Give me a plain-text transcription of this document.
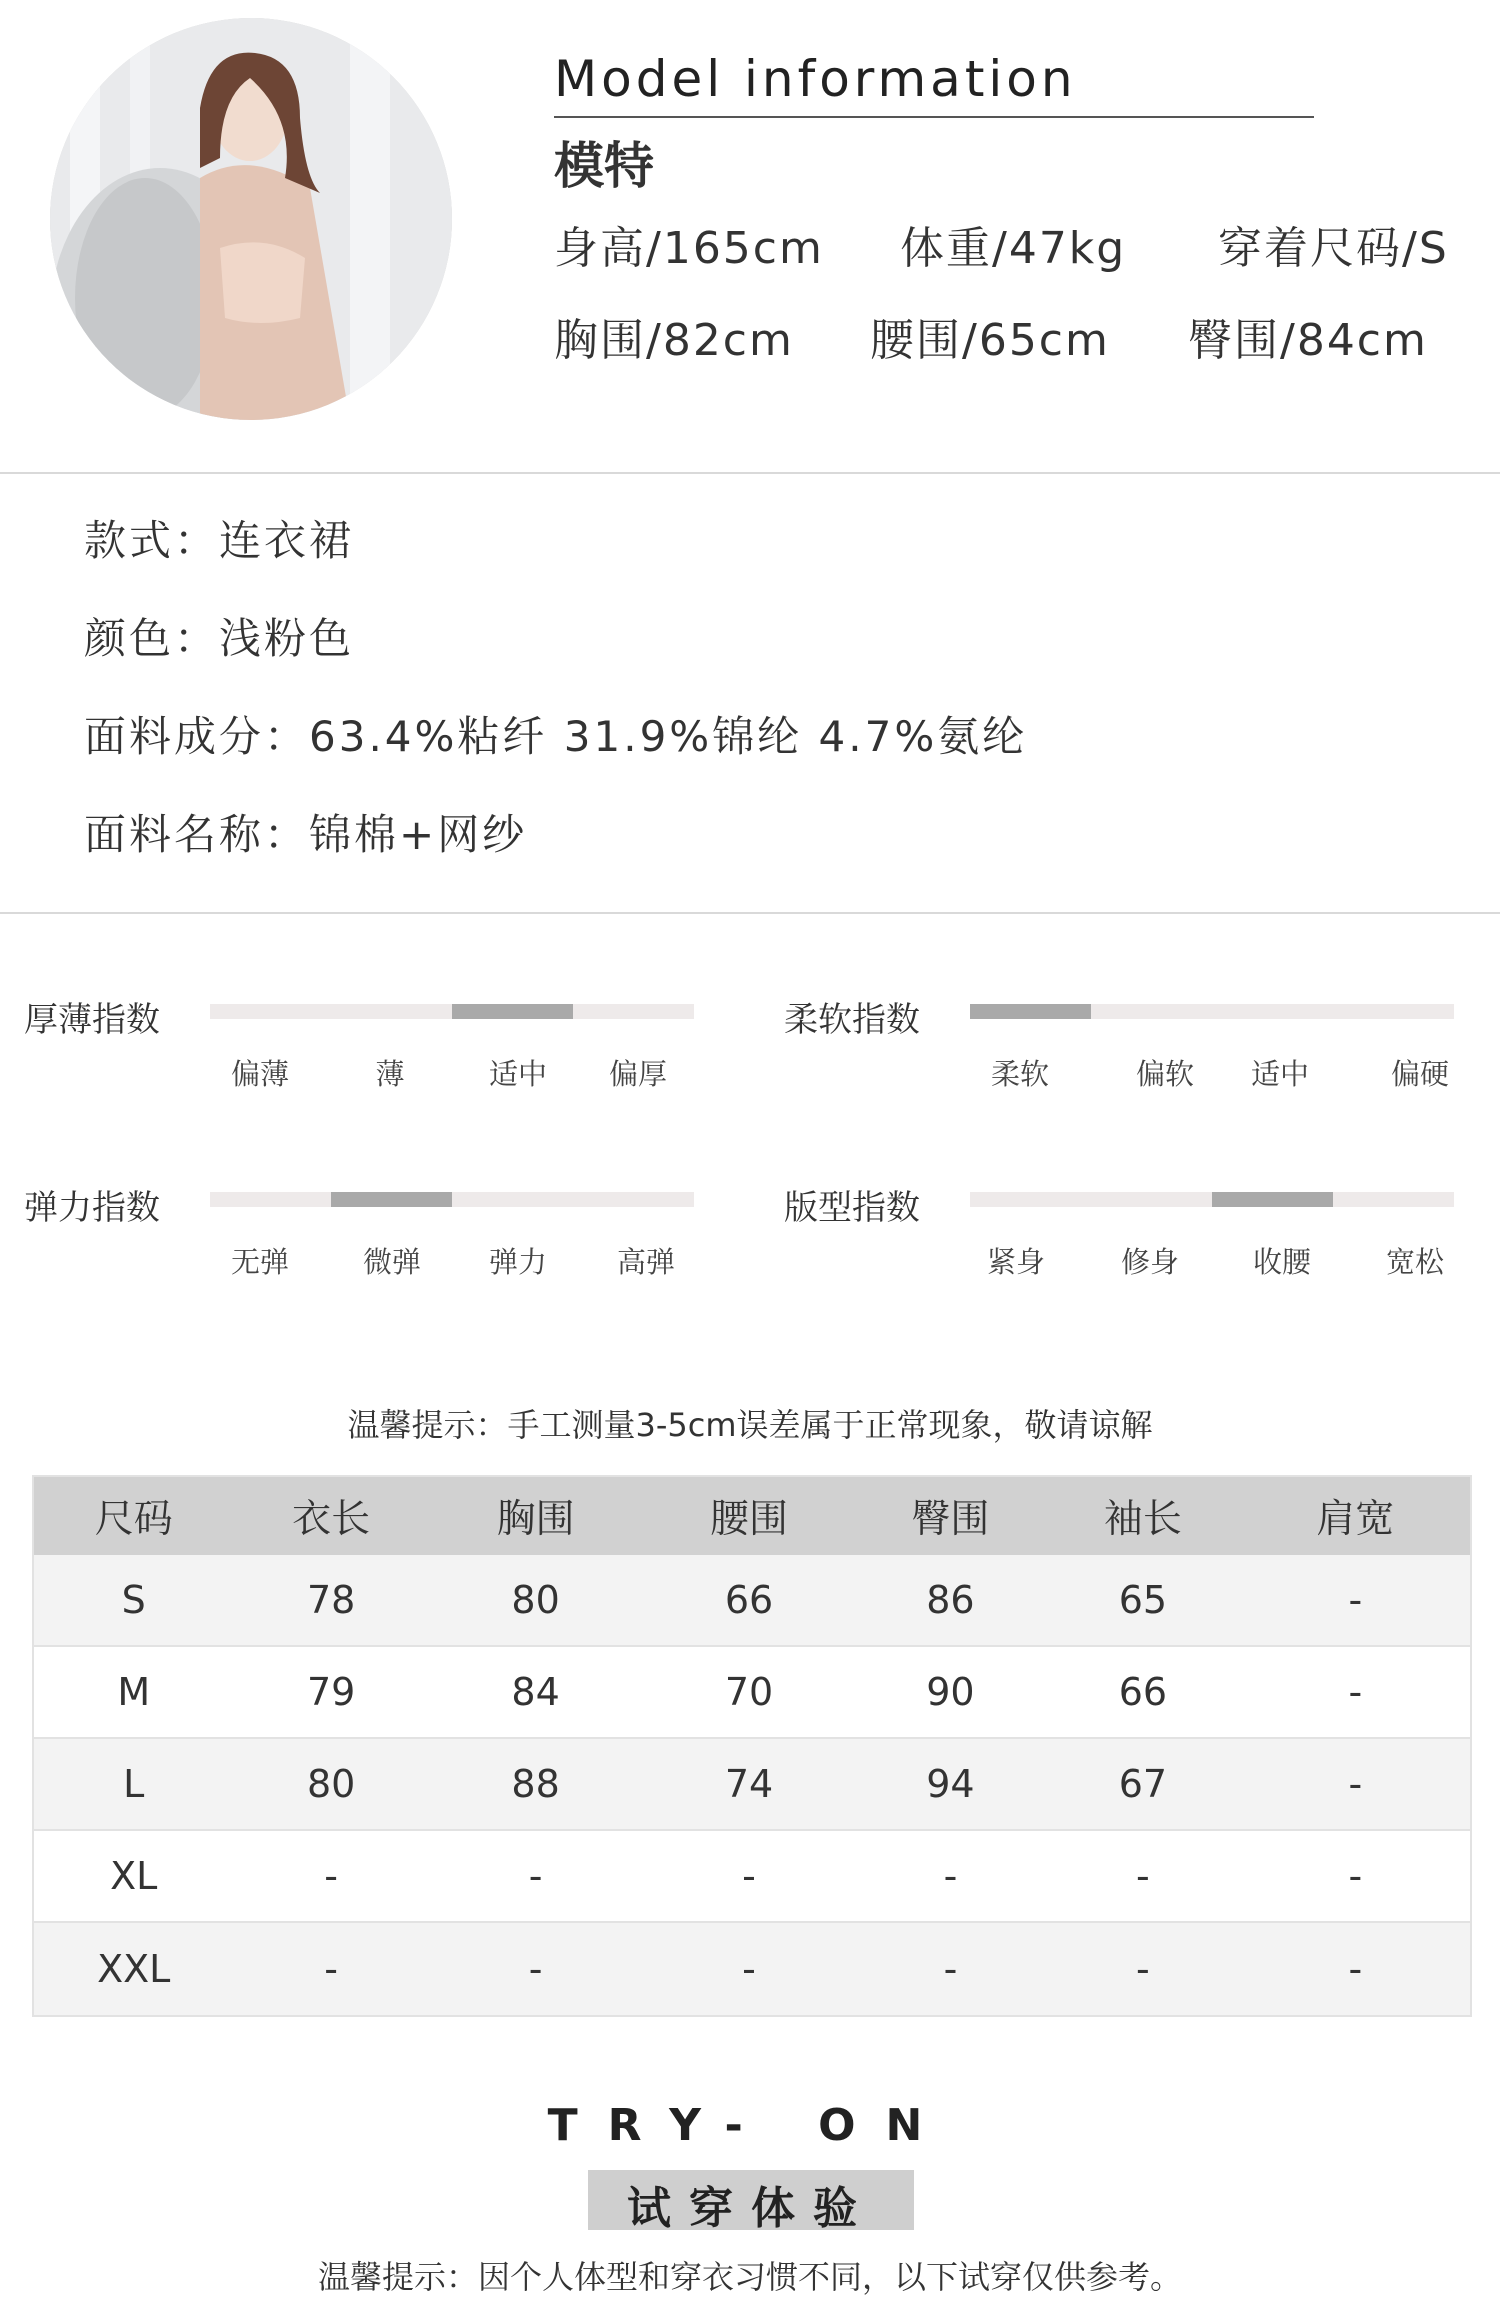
Model information
模特
身高/165cm 体重/47kg 穿着尺码/S
胸围/82cm 腰围/65cm 臀围/84cm
款式：连衣裙
颜色：浅粉色
面料成分：63.4%粘纤 31.9%锦纶 4.7%氨纶
面料名称：锦棉+网纱
厚薄指数
偏薄	薄	适中 偏厚
柔软指数
柔软	偏软 适中	偏硬
弹力指数
无弹	微弹 弹力 高弹
版型指数
紧身	修身	收腰	宽松
温馨提示：手工测量3-5cm误差属于正常现象，敬请谅解
尺码	衣长	胸围	腰围	臀围	袖长	肩宽
S	78	80	66	86	65	-
M	79	84	70	90	66	-
L	80	88	74	94	67	-
XL	-	-	-	-	-	-
XXL	-	-	-	-	-	-
TRY- ON
试穿体验
温馨提示：因个人体型和穿衣习惯不同，以下试穿仅供参考。
